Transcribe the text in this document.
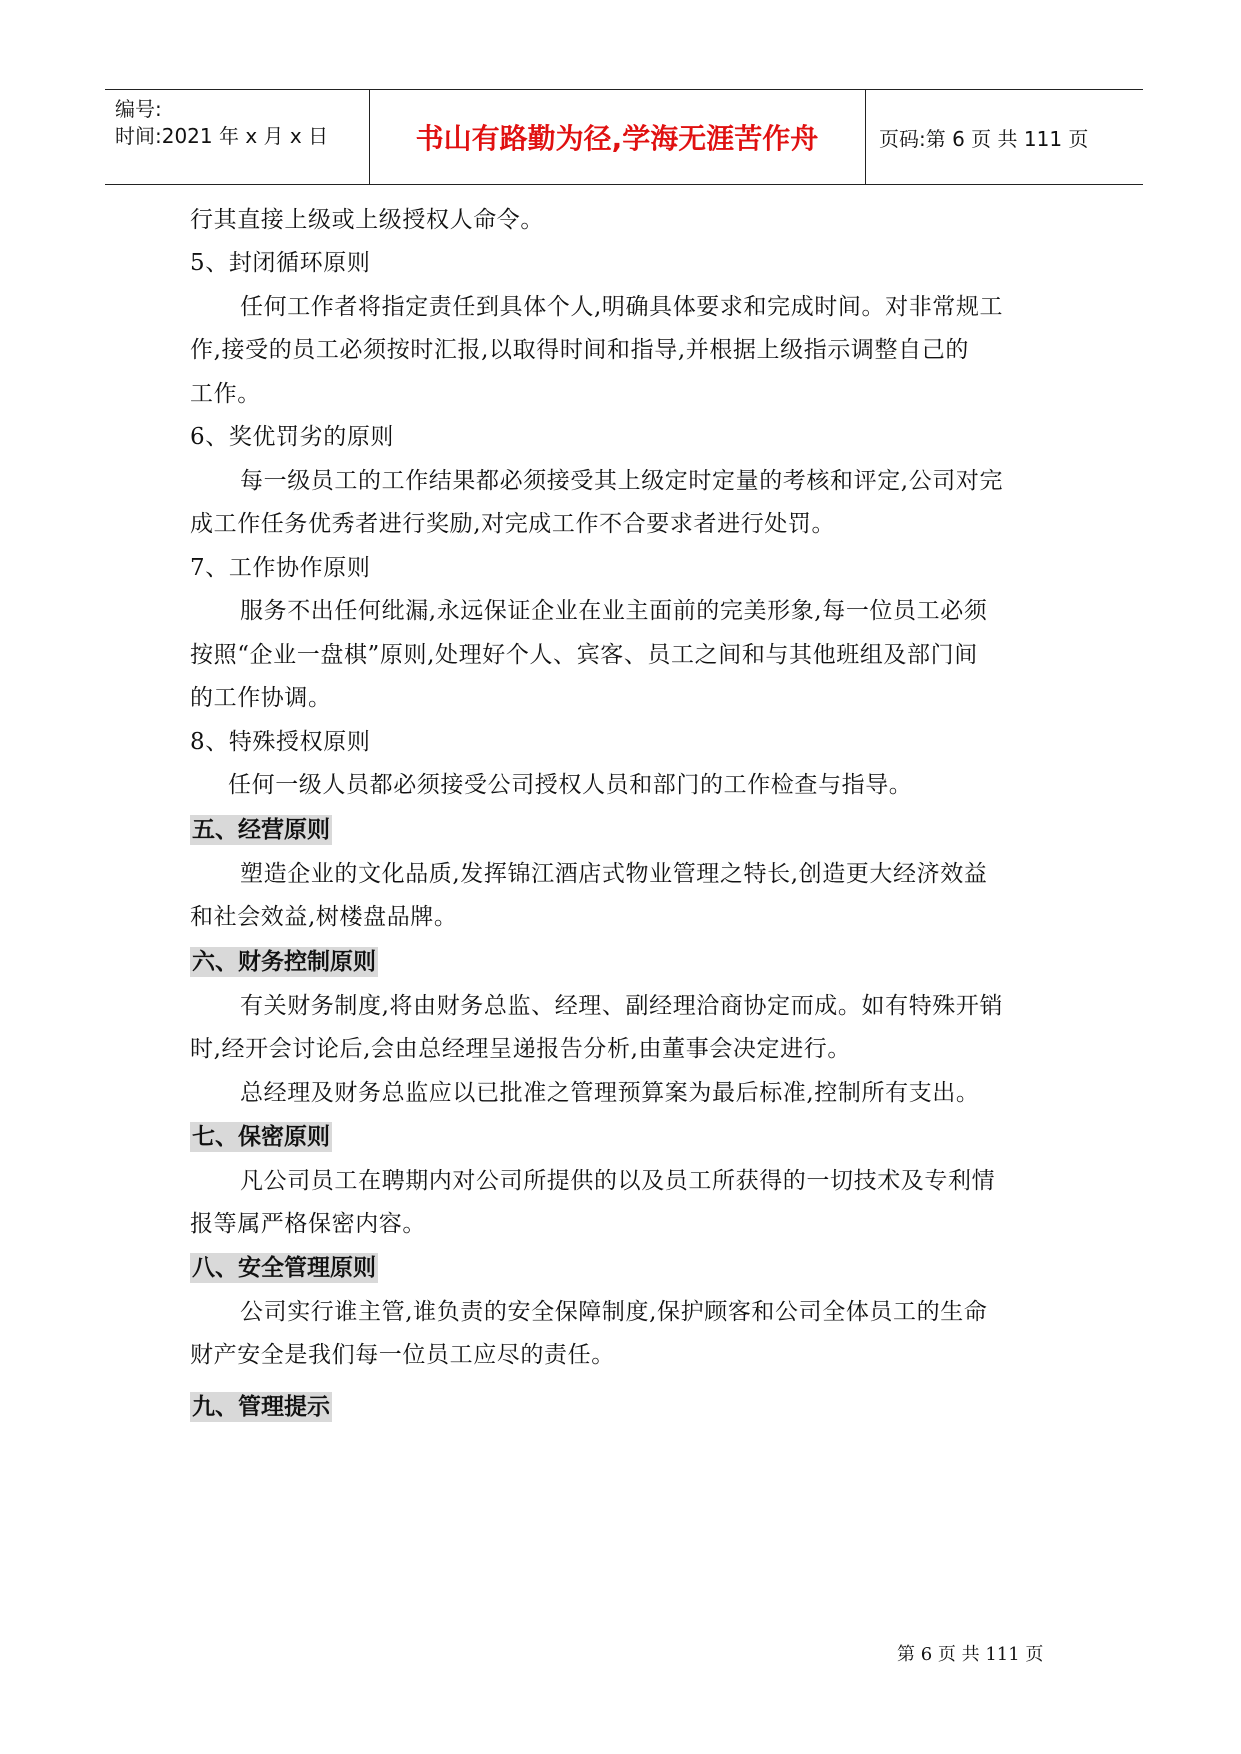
编号:
时间:2021 年 x 月 x 日	书山有路勤为径,学海无涯苦作舟	页码:第 6 页 共 111 页
行其直接上级或上级授权人命令。
5、封闭循环原则
任何工作者将指定责任到具体个人,明确具体要求和完成时间。对非常规工
作,接受的员工必须按时汇报,以取得时间和指导,并根据上级指示调整自己的
工作。
6、奖优罚劣的原则
每一级员工的工作结果都必须接受其上级定时定量的考核和评定,公司对完
成工作任务优秀者进行奖励,对完成工作不合要求者进行处罚。
7、工作协作原则
服务不出任何纰漏,永远保证企业在业主面前的完美形象,每一位员工必须
按照“企业一盘棋”原则,处理好个人、宾客、员工之间和与其他班组及部门间
的工作协调。
8、特殊授权原则
任何一级人员都必须接受公司授权人员和部门的工作检查与指导。
五、经营原则
塑造企业的文化品质,发挥锦江酒店式物业管理之特长,创造更大经济效益
和社会效益,树楼盘品牌。
六、财务控制原则
有关财务制度,将由财务总监、经理、副经理洽商协定而成。如有特殊开销
时,经开会讨论后,会由总经理呈递报告分析,由董事会决定进行。
总经理及财务总监应以已批准之管理预算案为最后标准,控制所有支出。
七、保密原则
凡公司员工在聘期内对公司所提供的以及员工所获得的一切技术及专利情
报等属严格保密内容。
八、安全管理原则
公司实行谁主管,谁负责的安全保障制度,保护顾客和公司全体员工的生命
财产安全是我们每一位员工应尽的责任。
九、管理提示
第 6 页 共 111 页
